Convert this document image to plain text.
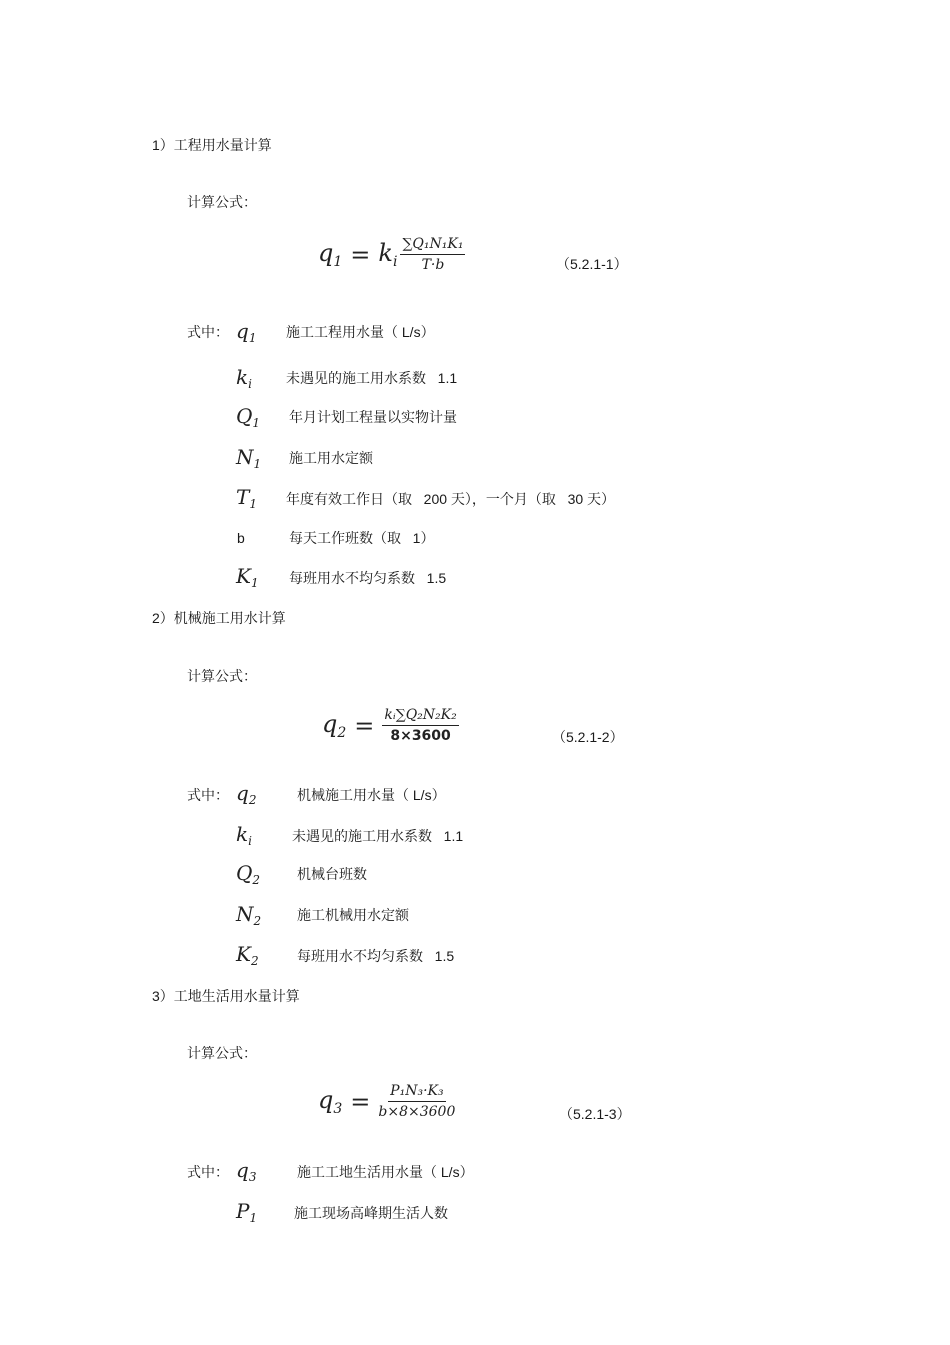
1）工程用水量计算
计算公式：
$q_1 = k_i \frac{\text{∑Q₁N₁K₁}}{T\cdot b}$	（5.2.1-1）
式中： $q_1$ 施工工程用水量（ L/s）
$k_i$ 未遇见的施工用水系数   1.1
$Q_1$ 年月计划工程量以实物计量
$N_1$ 施工用水定额
$T_1$ 年度有效工作日（取   200 天），一个月（取   30 天）
b	每天工作班数（取   1）
$K_1$ 每班用水不均匀系数   1.5
2）机械施工用水计算
计算公式：
$q_2 = \frac{\text{kᵢ∑Q₂N₂K₂}}{8\times 3600}$	（5.2.1-2）
式中： $q_2$	机械施工用水量（ L/s）
$k_i$	未遇见的施工用水系数   1.1
$Q_2$	机械台班数
$N_2$	施工机械用水定额
$K_2$	每班用水不均匀系数   1.5
3）工地生活用水量计算
计算公式：
$q_3 = \frac{\text{P₁N₃·K₃}}{b\times 8\times 3600}$	（5.2.1-3）
式中： $q_3$	施工工地生活用水量（ L/s）
$P_1$	施工现场高峰期生活人数
